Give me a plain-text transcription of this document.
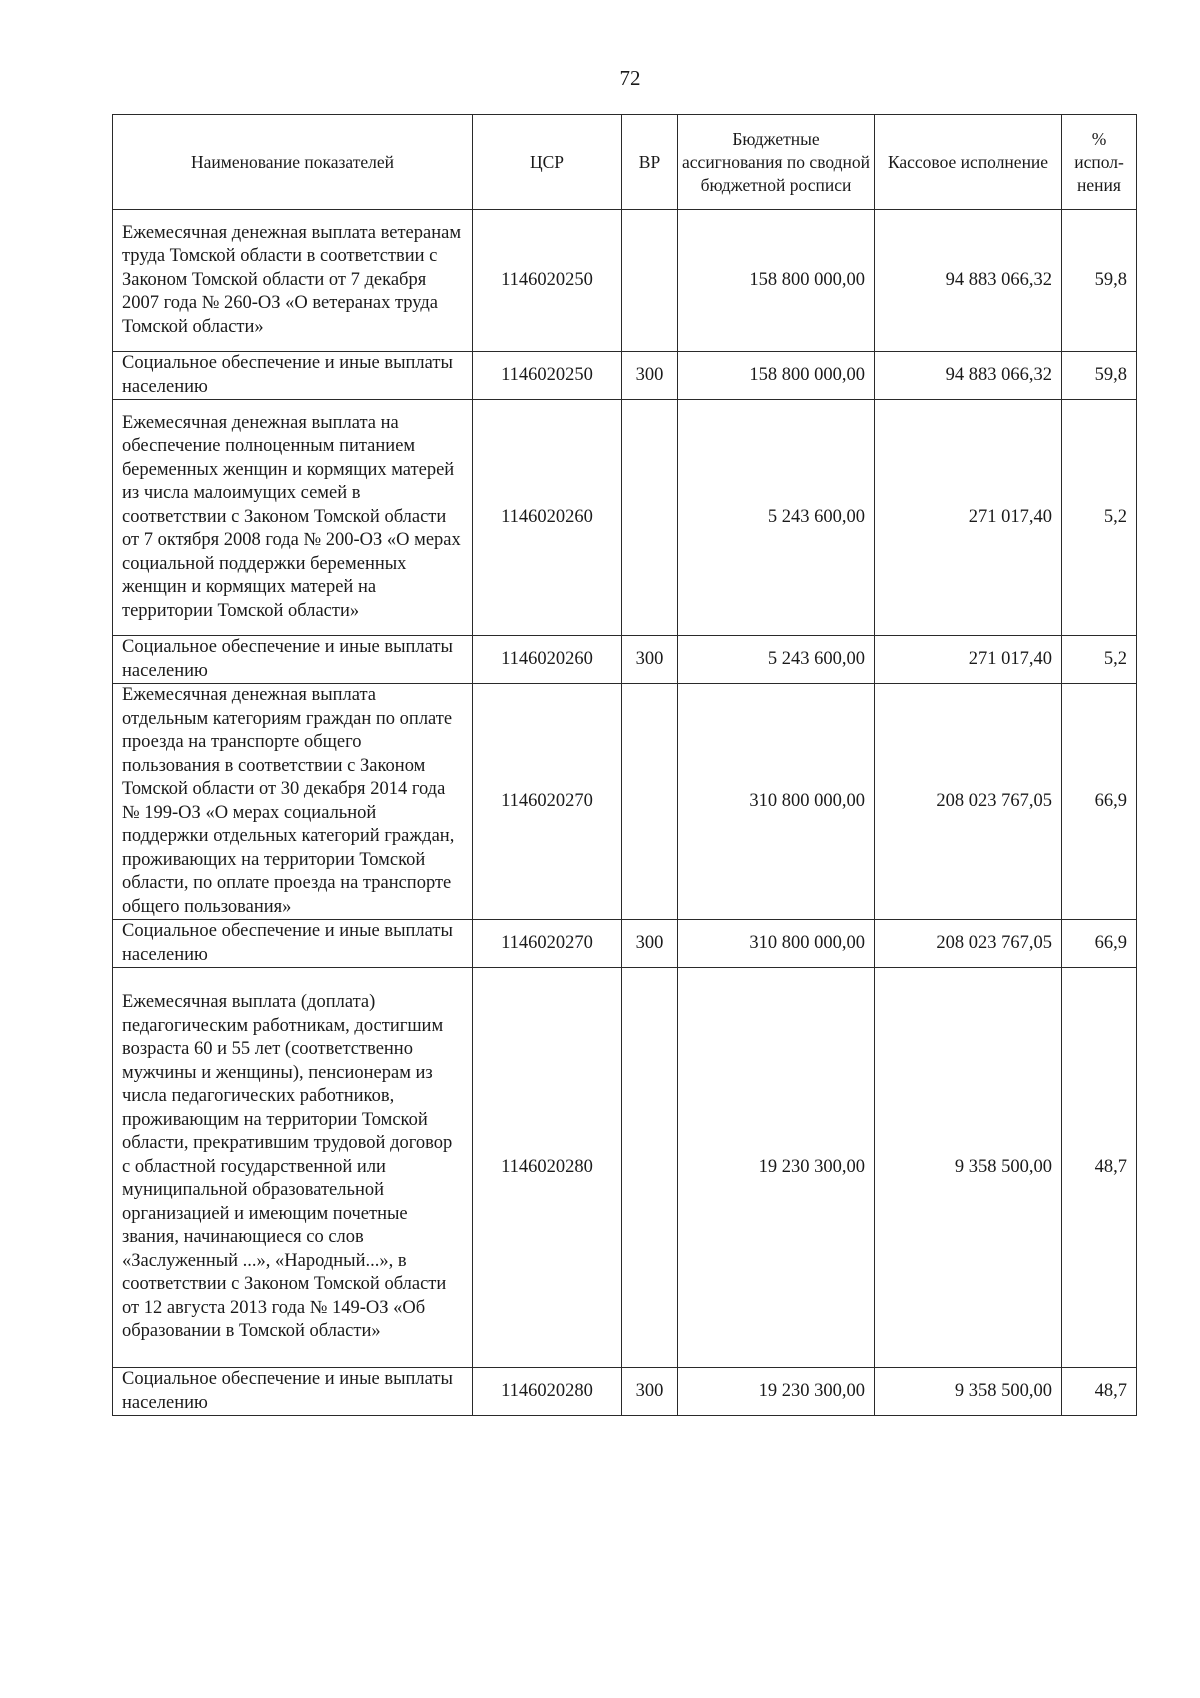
72
Наименование показателей	ЦСР	ВР	Бюджетные ассигнования по сводной бюджетной росписи	Кассовое исполнение	% испол-нения
Ежемесячная денежная выплата ветеранам труда Томской области в соответствии с Законом Томской области от 7 декабря 2007 года № 260-ОЗ «О ветеранах труда Томской области»	1146020250		158 800 000,00	94 883 066,32	59,8
Социальное обеспечение и иные выплаты населению	1146020250	300	158 800 000,00	94 883 066,32	59,8
Ежемесячная денежная выплата на обеспечение полноценным питанием беременных женщин и кормящих матерей из числа малоимущих семей в соответствии с Законом Томской области от 7 октября 2008 года № 200-ОЗ «О мерах социальной поддержки беременных женщин и кормящих матерей на территории Томской области»	1146020260		5 243 600,00	271 017,40	5,2
Социальное обеспечение и иные выплаты населению	1146020260	300	5 243 600,00	271 017,40	5,2
Ежемесячная денежная выплата отдельным категориям граждан по оплате проезда на транспорте общего пользования в соответствии с Законом Томской области от 30 декабря 2014 года № 199-ОЗ «О мерах социальной поддержки отдельных категорий граждан, проживающих на территории Томской области, по оплате проезда на транспорте общего пользования»	1146020270		310 800 000,00	208 023 767,05	66,9
Социальное обеспечение и иные выплаты населению	1146020270	300	310 800 000,00	208 023 767,05	66,9
Ежемесячная выплата (доплата) педагогическим работникам, достигшим возраста 60 и 55 лет (соответственно мужчины и женщины), пенсионерам из числа педагогических работников, проживающим на территории Томской области, прекратившим трудовой договор с областной государственной или муниципальной образовательной организацией и имеющим почетные звания, начинающиеся со слов «Заслуженный ...», «Народный...», в соответствии с Законом Томской области от 12 августа 2013 года № 149-ОЗ «Об образовании в Томской области»	1146020280		19 230 300,00	9 358 500,00	48,7
Социальное обеспечение и иные выплаты населению	1146020280	300	19 230 300,00	9 358 500,00	48,7
